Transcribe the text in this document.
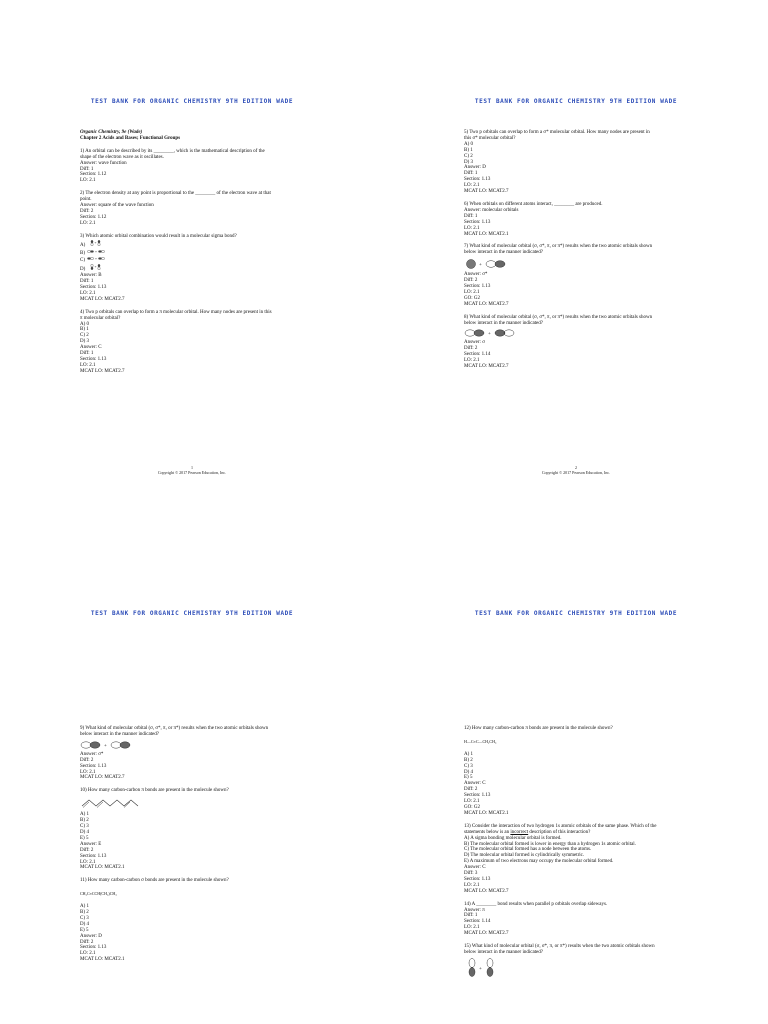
TEST BANK FOR ORGANIC CHEMISTRY 9TH EDITION WADE
Organic Chemistry, 9e (Wade)
Chapter 2 Acids and Bases; Functional Groups
1) An orbital can be described by its ________, which is the mathematical description of the
shape of the electron wave as it oscillates.
Answer: wave function
Diff: 1
Section: 1.12
LO: 2.1
2) The electron density at any point is proportional to the ________ of the electron wave at that
point.
Answer: square of the wave function
Diff: 2
Section: 1.12
LO: 2.1
3) Which atomic orbital combination would result in a molecular sigma bond?
A)	+
B)	+
C)	+
D)	+
Answer: B
Diff: 1
Section: 1.13
LO: 2.1
MCAT LO: MCAT2.7
4) Two p orbitals can overlap to form a π molecular orbital. How many nodes are present in this
π molecular orbital?
A) 0
B) 1
C) 2
D) 3
Answer: C
Diff: 1
Section: 1.13
LO: 2.1
MCAT LO: MCAT2.7
1
Copyright © 2017 Pearson Education, Inc.
TEST BANK FOR ORGANIC CHEMISTRY 9TH EDITION WADE
5) Two p orbitals can overlap to form a σ* molecular orbital. How many nodes are present in
this σ* molecular orbital?
A) 0
B) 1
C) 2
D) 3
Answer: D
Diff: 1
Section: 1.13
LO: 2.1
MCAT LO: MCAT2.7
6) When orbitals on different atoms interact, ________ are produced.
Answer: molecular orbitals
Diff: 1
Section: 1.13
LO: 2.1
MCAT LO: MCAT2.1
7) What kind of molecular orbital (σ, σ*, π, or π*) results when the two atomic orbitals shown
below interact in the manner indicated?
+
Answer: σ*
Diff: 2
Section: 1.13
LO: 2.1
GO: G2
MCAT LO: MCAT2.7
8) What kind of molecular orbital (σ, σ*, π, or π*) results when the two atomic orbitals shown
below interact in the manner indicated?
+
Answer: σ
Diff: 2
Section: 1.14
LO: 2.1
MCAT LO: MCAT2.7
2
Copyright © 2017 Pearson Education, Inc.
TEST BANK FOR ORGANIC CHEMISTRY 9TH EDITION WADE
9) What kind of molecular orbital (σ, σ*, π, or π*) results when the two atomic orbitals shown
below interact in the manner indicated?
+
Answer: σ*
Diff: 2
Section: 1.13
LO: 2.1
MCAT LO: MCAT2.7
10) How many carbon-carbon π bonds are present in the molecule shown?
A) 1
B) 2
C) 3
D) 4
E) 5
Answer: E
Diff: 2
Section: 1.13
LO: 2.1
MCAT LO: MCAT2.1
11) How many carbon-carbon σ bonds are present in the molecule shown?
CH₃C≡CCH(CH₃)CH₃
A) 1
B) 2
C) 3
D) 4
E) 5
Answer: D
Diff: 2
Section: 1.13
LO: 2.1
MCAT LO: MCAT2.1
TEST BANK FOR ORGANIC CHEMISTRY 9TH EDITION WADE
12) How many carbon-carbon π bonds are present in the molecule shown?
H—C≡C—CH₂CH₃
A) 1
B) 2
C) 3
D) 4
E) 5
Answer: C
Diff: 2
Section: 1.13
LO: 2.1
GO: G2
MCAT LO: MCAT2.1
13) Consider the interaction of two hydrogen 1s atomic orbitals of the same phase. Which of the
statements below is an incorrect description of this interaction?
A) A sigma bonding molecular orbital is formed.
B) The molecular orbital formed is lower in energy than a hydrogen 1s atomic orbital.
C) The molecular orbital formed has a node between the atoms.
D) The molecular orbital formed is cylindrically symmetric.
E) A maximum of two electrons may occupy the molecular orbital formed.
Answer: C
Diff: 3
Section: 1.13
LO: 2.1
MCAT LO: MCAT2.7
14) A ________ bond results when parallel p orbitals overlap sideways.
Answer: π
Diff: 1
Section: 1.14
LO: 2.1
MCAT LO: MCAT2.7
15) What kind of molecular orbital (σ, σ*, π, or π*) results when the two atomic orbitals shown
below interact in the manner indicated?
+
